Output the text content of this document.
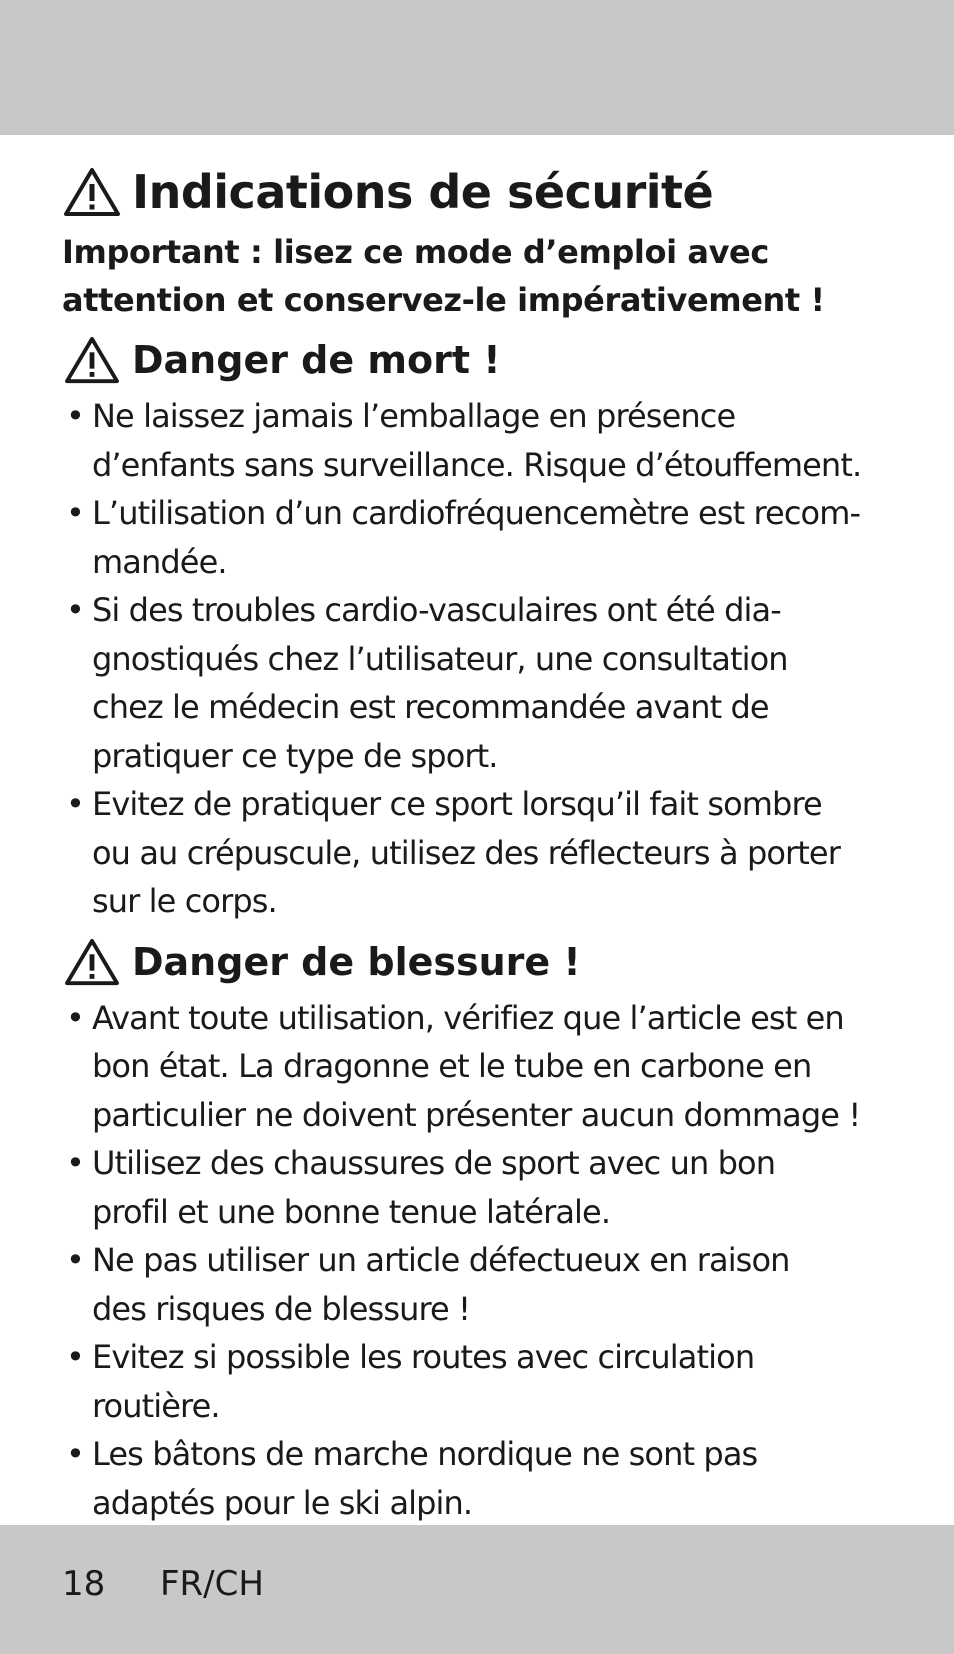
Indications de sécurité
Important : lisez ce mode d’emploi avec
attention et conservez-le impérativement !
Danger de mort !
• Ne laissez jamais l’emballage en présence
d’enfants sans surveillance. Risque d’étouffement.
• L’utilisation d’un cardiofréquencemètre est recom-
mandée.
• Si des troubles cardio-vasculaires ont été dia-
gnostiqués chez l’utilisateur, une consultation
chez le médecin est recommandée avant de
pratiquer ce type de sport.
• Evitez de pratiquer ce sport lorsqu’il fait sombre
ou au crépuscule, utilisez des réflecteurs à porter
sur le corps.
Danger de blessure !
• Avant toute utilisation, vérifiez que l’article est en
bon état. La dragonne et le tube en carbone en
particulier ne doivent présenter aucun dommage !
• Utilisez des chaussures de sport avec un bon
profil et une bonne tenue latérale.
• Ne pas utiliser un article défectueux en raison
des risques de blessure !
• Evitez si possible les routes avec circulation
routière.
• Les bâtons de marche nordique ne sont pas
adaptés pour le ski alpin.
18	FR/CH
